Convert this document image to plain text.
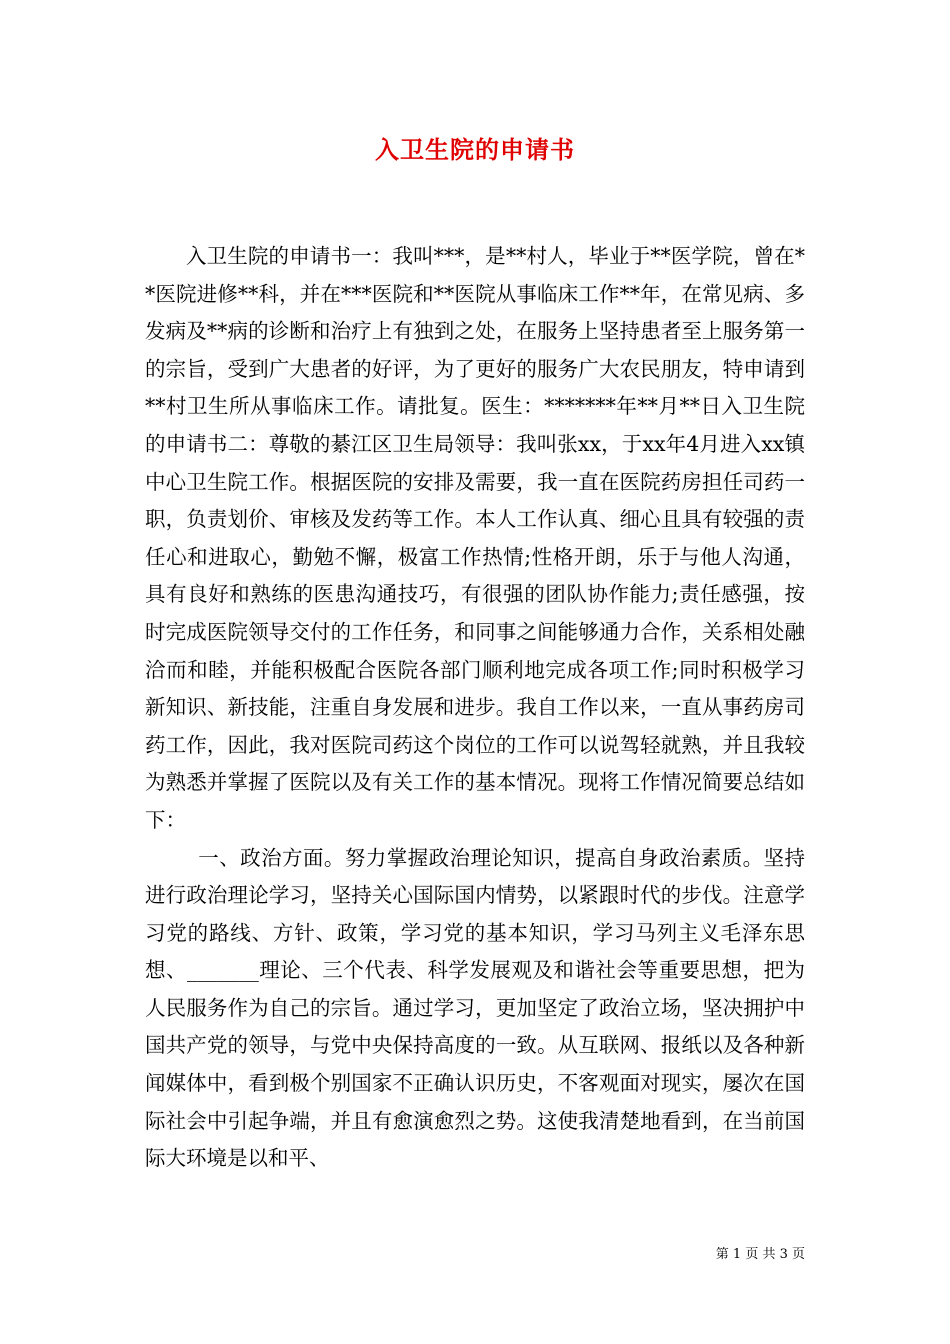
入卫生院的申请书

入卫生院的申请书一：我叫***，是**村人，毕业于**医学院，曾在**医院进修**科，并在***医院和**医院从事临床工作**年，在常见病、多发病及**病的诊断和治疗上有独到之处，在服务上坚持患者至上服务第一的宗旨，受到广大患者的好评，为了更好的服务广大农民朋友，特申请到**村卫生所从事临床工作。请批复。医生：*******年**月**日入卫生院的申请书二：尊敬的綦江区卫生局领导：我叫张xx，于xx年4月进入xx镇中心卫生院工作。根据医院的安排及需要，我一直在医院药房担任司药一职，负责划价、审核及发药等工作。本人工作认真、细心且具有较强的责任心和进取心，勤勉不懈，极富工作热情;性格开朗，乐于与他人沟通，具有良好和熟练的医患沟通技巧，有很强的团队协作能力;责任感强，按时完成医院领导交付的工作任务，和同事之间能够通力合作，关系相处融洽而和睦，并能积极配合医院各部门顺利地完成各项工作;同时积极学习新知识、新技能，注重自身发展和进步。我自工作以来，一直从事药房司药工作，因此，我对医院司药这个岗位的工作可以说驾轻就熟，并且我较为熟悉并掌握了医院以及有关工作的基本情况。现将工作情况简要总结如下：

一、政治方面。努力掌握政治理论知识，提高自身政治素质。坚持进行政治理论学习，坚持关心国际国内情势，以紧跟时代的步伐。注意学习党的路线、方针、政策，学习党的基本知识，学习马列主义毛泽东思想、_______理论、三个代表、科学发展观及和谐社会等重要思想，把为人民服务作为自己的宗旨。通过学习，更加坚定了政治立场，坚决拥护中国共产党的领导，与党中央保持高度的一致。从互联网、报纸以及各种新闻媒体中，看到极个别国家不正确认识历史，不客观面对现实，屡次在国际社会中引起争端，并且有愈演愈烈之势。这使我清楚地看到，在当前国际大环境是以和平、

第 1 页 共 3 页
